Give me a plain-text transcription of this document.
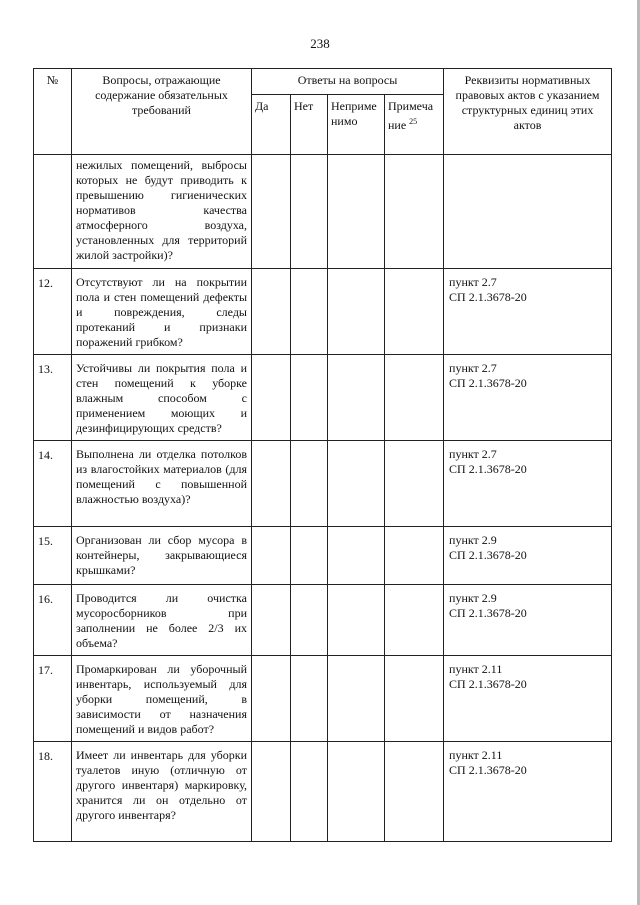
238
№	Вопросы, отражающие содержание обязательных требований	Ответы на вопросы				Реквизиты нормативных правовых актов с указанием структурных единиц этих актов
		Да	Нет	Неприме нимо	Примеча ние $^{25}$
	нежилых помещений, выбросы которых не будут приводить к превышению гигиенических нормативов качества атмосферного воздуха, установленных для территорий жилой застройки)?					
12.	Отсутствуют ли на покрытии пола и стен помещений дефекты и повреждения, следы протеканий и признаки поражений грибком?					пункт 2.7
СП 2.1.3678-20

13.	Устойчивы ли покрытия пола и стен помещений к уборке влажным способом с применением моющих и дезинфицирующих средств?					пункт 2.7
СП 2.1.3678-20

14.	Выполнена ли отделка потолков из влагостойких материалов (для помещений с повышенной влажностью воздуха)?					пункт 2.7
СП 2.1.3678-20

15.	Организован ли сбор мусора в контейнеры, закрывающиеся крышками?					пункт 2.9
СП 2.1.3678-20

16.	Проводится ли очистка мусоросборников при заполнении не более 2/3 их объема?					пункт 2.9
СП 2.1.3678-20

17.	Промаркирован ли уборочный инвентарь, используемый для уборки помещений, в зависимости от назначения помещений и видов работ?					пункт 2.11
СП 2.1.3678-20

18.	Имеет ли инвентарь для уборки туалетов иную (отличную от другого инвентаря) маркировку, хранится ли он отдельно от другого инвентаря?					пункт 2.11
СП 2.1.3678-20
